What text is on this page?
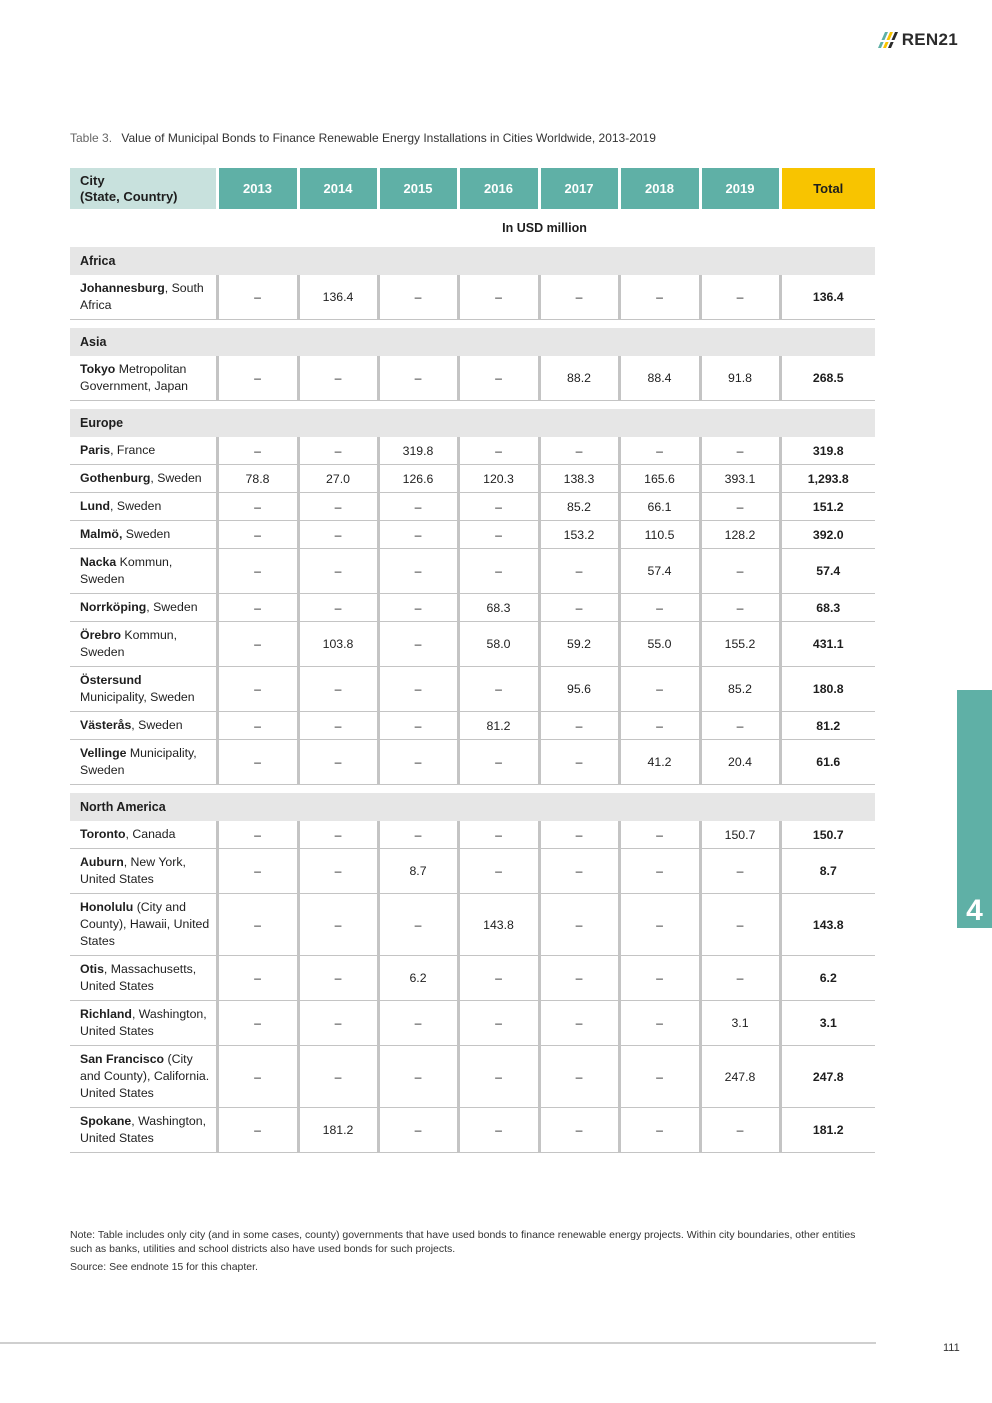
REN21
Table 3. Value of Municipal Bonds to Finance Renewable Energy Installations in Cities Worldwide, 2013-2019
City
(State, Country)	2013	2014	2015	2016	2017	2018	2019	Total
In USD million								
Africa								
Johannesburg, South Africa	–	136.4	–	–	–	–	–	136.4

Asia								
Tokyo Metropolitan Government, Japan	–	–	–	–	88.2	88.4	91.8	268.5

Europe								
Paris, France	–	–	319.8	–	–	–	–	319.8
Gothenburg, Sweden	78.8	27.0	126.6	120.3	138.3	165.6	393.1	1,293.8
Lund, Sweden	–	–	–	–	85.2	66.1	–	151.2
Malmö, Sweden	–	–	–	–	153.2	110.5	128.2	392.0
Nacka Kommun, Sweden	–	–	–	–	–	57.4	–	57.4
Norrköping, Sweden	–	–	–	68.3	–	–	–	68.3
Örebro Kommun, Sweden	–	103.8	–	58.0	59.2	55.0	155.2	431.1
Östersund Municipality, Sweden	–	–	–	–	95.6	–	85.2	180.8
Västerås, Sweden	–	–	–	81.2	–	–	–	81.2
Vellinge Municipality, Sweden	–	–	–	–	–	41.2	20.4	61.6

North America								
Toronto, Canada	–	–	–	–	–	–	150.7	150.7
Auburn, New York, United States	–	–	8.7	–	–	–	–	8.7
Honolulu (City and County), Hawaii, United States	–	–	–	143.8	–	–	–	143.8
Otis, Massachusetts, United States	–	–	6.2	–	–	–	–	6.2
Richland, Washington, United States	–	–	–	–	–	–	3.1	3.1
San Francisco (City and County), California. United States	–	–	–	–	–	–	247.8	247.8
Spokane, Washington, United States	–	181.2	–	–	–	–	–	181.2

Note: Table includes only city (and in some cases, county) governments that have used bonds to finance renewable energy projects. Within city boundaries, other entities such as banks, utilities and school districts also have used bonds for such projects.

Source: See endnote 15 for this chapter.

111
4
